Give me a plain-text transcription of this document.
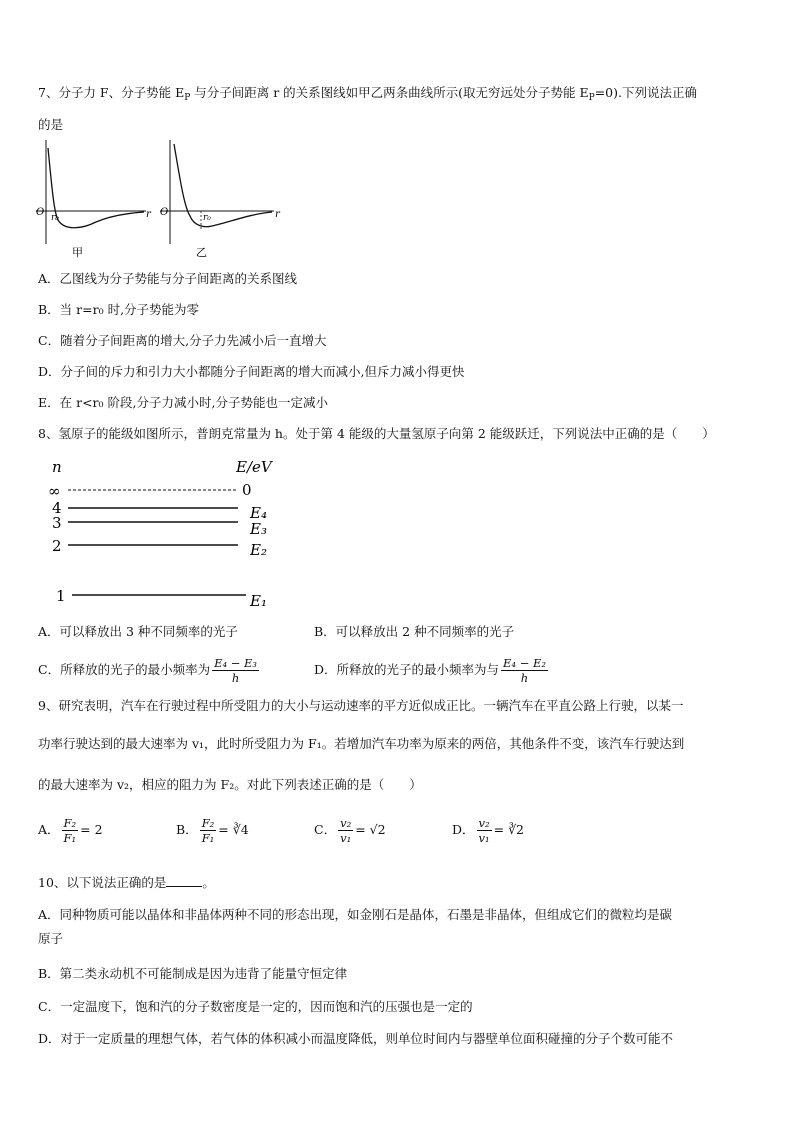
7、分子力 F、分子势能 $E_P$ 与分子间距离 r 的关系图线如甲乙两条曲线所示(取无穷远处分子势能 $E_P=0$).下列说法正确
的是
O r₀	r
甲
O	r₀	r
乙
A．乙图线为分子势能与分子间距离的关系图线
B．当 r=r₀ 时,分子势能为零
C．随着分子间距离的增大,分子力先减小后一直增大
D．分子间的斥力和引力大小都随分子间距离的增大而减小,但斥力减小得更快
E．在 r<r₀ 阶段,分子力减小时,分子势能也一定减小
8、氢原子的能级如图所示，普朗克常量为 h。处于第 4 能级的大量氢原子向第 2 能级跃迁，下列说法中正确的是（　　）
n	E/eV
∞	0
4	E₄
3	E₃
2	E₂
1	E₁
A．可以释放出 3 种不同频率的光子	B．可以释放出 2 种不同频率的光子
C．所释放的光子的最小频率为 $\frac{\text{E₄ − E₃}}{h}$	D．所释放的光子的最小频率为与 $\frac{\text{E₄ − E₂}}{h}$
9、研究表明，汽车在行驶过程中所受阻力的大小与运动速率的平方近似成正比。一辆汽车在平直公路上行驶，以某一
功率行驶达到的最大速率为 v₁，此时所受阻力为 F₁。若增加汽车功率为原来的两倍，其他条件不变，该汽车行驶达到
的最大速率为 v₂，相应的阻力为 F₂。对此下列表述正确的是（　　）
A． $\frac{\text{F₂}}{\text{F₁}} = 2$	B． $\frac{\text{F₂}}{\text{F₁}}$ = ∛4	C． $\frac{\text{v₂}}{\text{v₁}} = √2$	D． $\frac{\text{v₂}}{\text{v₁}}$ = ∛2
10、以下说法正确的是	。
A．同种物质可能以晶体和非晶体两种不同的形态出现，如金刚石是晶体，石墨是非晶体，但组成它们的微粒均是碳
原子
B．第二类永动机不可能制成是因为违背了能量守恒定律
C．一定温度下，饱和汽的分子数密度是一定的，因而饱和汽的压强也是一定的
D．对于一定质量的理想气体，若气体的体积减小而温度降低，则单位时间内与器壁单位面积碰撞的分子个数可能不
